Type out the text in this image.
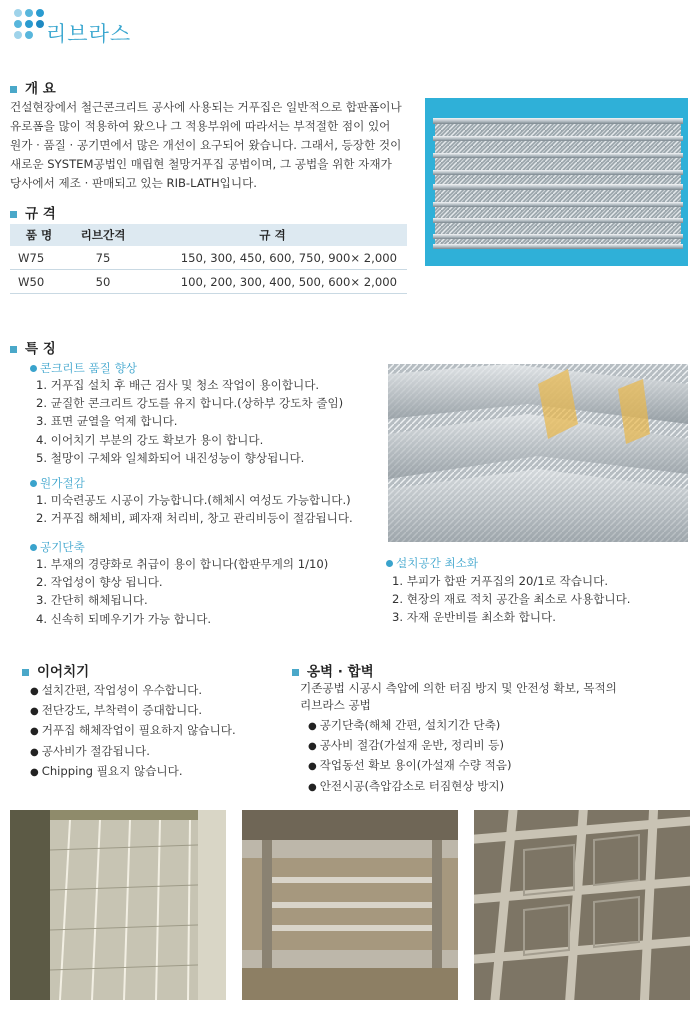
리브라스
개 요
건설현장에서 철근콘크리트 공사에 사용되는 거푸집은 일반적으로 합판폼이나
유로폼을 많이 적용하여 왔으나 그 적용부위에 따라서는 부적절한 점이 있어
원가 · 품질 · 공기면에서 많은 개선이 요구되어 왔습니다. 그래서, 등장한 것이
새로운 SYSTEM공법인 매립현 철망거푸집 공법이며, 그 공법을 위한 자재가
당사에서 제조 · 판매되고 있는 RIB-LATH입니다.
규 격
품 명	리브간격	규 격
W75	75	150, 300, 450, 600, 750, 900× 2,000
W50	50	100, 200, 300, 400, 500, 600× 2,000
특 징
콘크리트 품질 향상
1. 거푸집 설치 후 배근 검사 및 청소 작업이 용이합니다.
2. 균질한 콘크리트 강도를 유지 합니다.(상하부 강도차 줄임)
3. 표면 균열을 억제 합니다.
4. 이어치기 부분의 강도 확보가 용이 합니다.
5. 철망이 구체와 일체화되어 내진성능이 향상됩니다.
원가절감
1. 미숙련공도 시공이 가능합니다.(해체시 여성도 가능합니다.)
2. 거푸집 해체비, 폐자재 처리비, 창고 관리비등이 절감됩니다.
공기단축
1. 부재의 경량화로 취급이 용이 합니다(합판무게의 1/10)
2. 작업성이 향상 됩니다.
3. 간단히 해체됩니다.
4. 신속히 되메우기가 가능 합니다.
설치공간 최소화
1. 부피가 합판 거푸집의 20/1로 작습니다.
2. 현장의 재료 적치 공간을 최소로 사용합니다.
3. 자재 운반비를 최소화 합니다.
이어치기
● 설치간편, 작업성이 우수합니다.
● 전단강도, 부착력이 증대합니다.
● 거푸집 해체작업이 필요하지 않습니다.
● 공사비가 절감됩니다.
● Chipping 필요지 않습니다.
옹벽 · 합벽
기존공법 시공시 측압에 의한 터짐 방지 및 안전성 확보, 목적의
리브라스 공법
● 공기단축(해체 간편, 설치기간 단축)
● 공사비 절감(가설재 운반, 정리비 등)
● 작업동선 확보 용이(가설재 수량 적음)
● 안전시공(측압감소로 터짐현상 방지)
